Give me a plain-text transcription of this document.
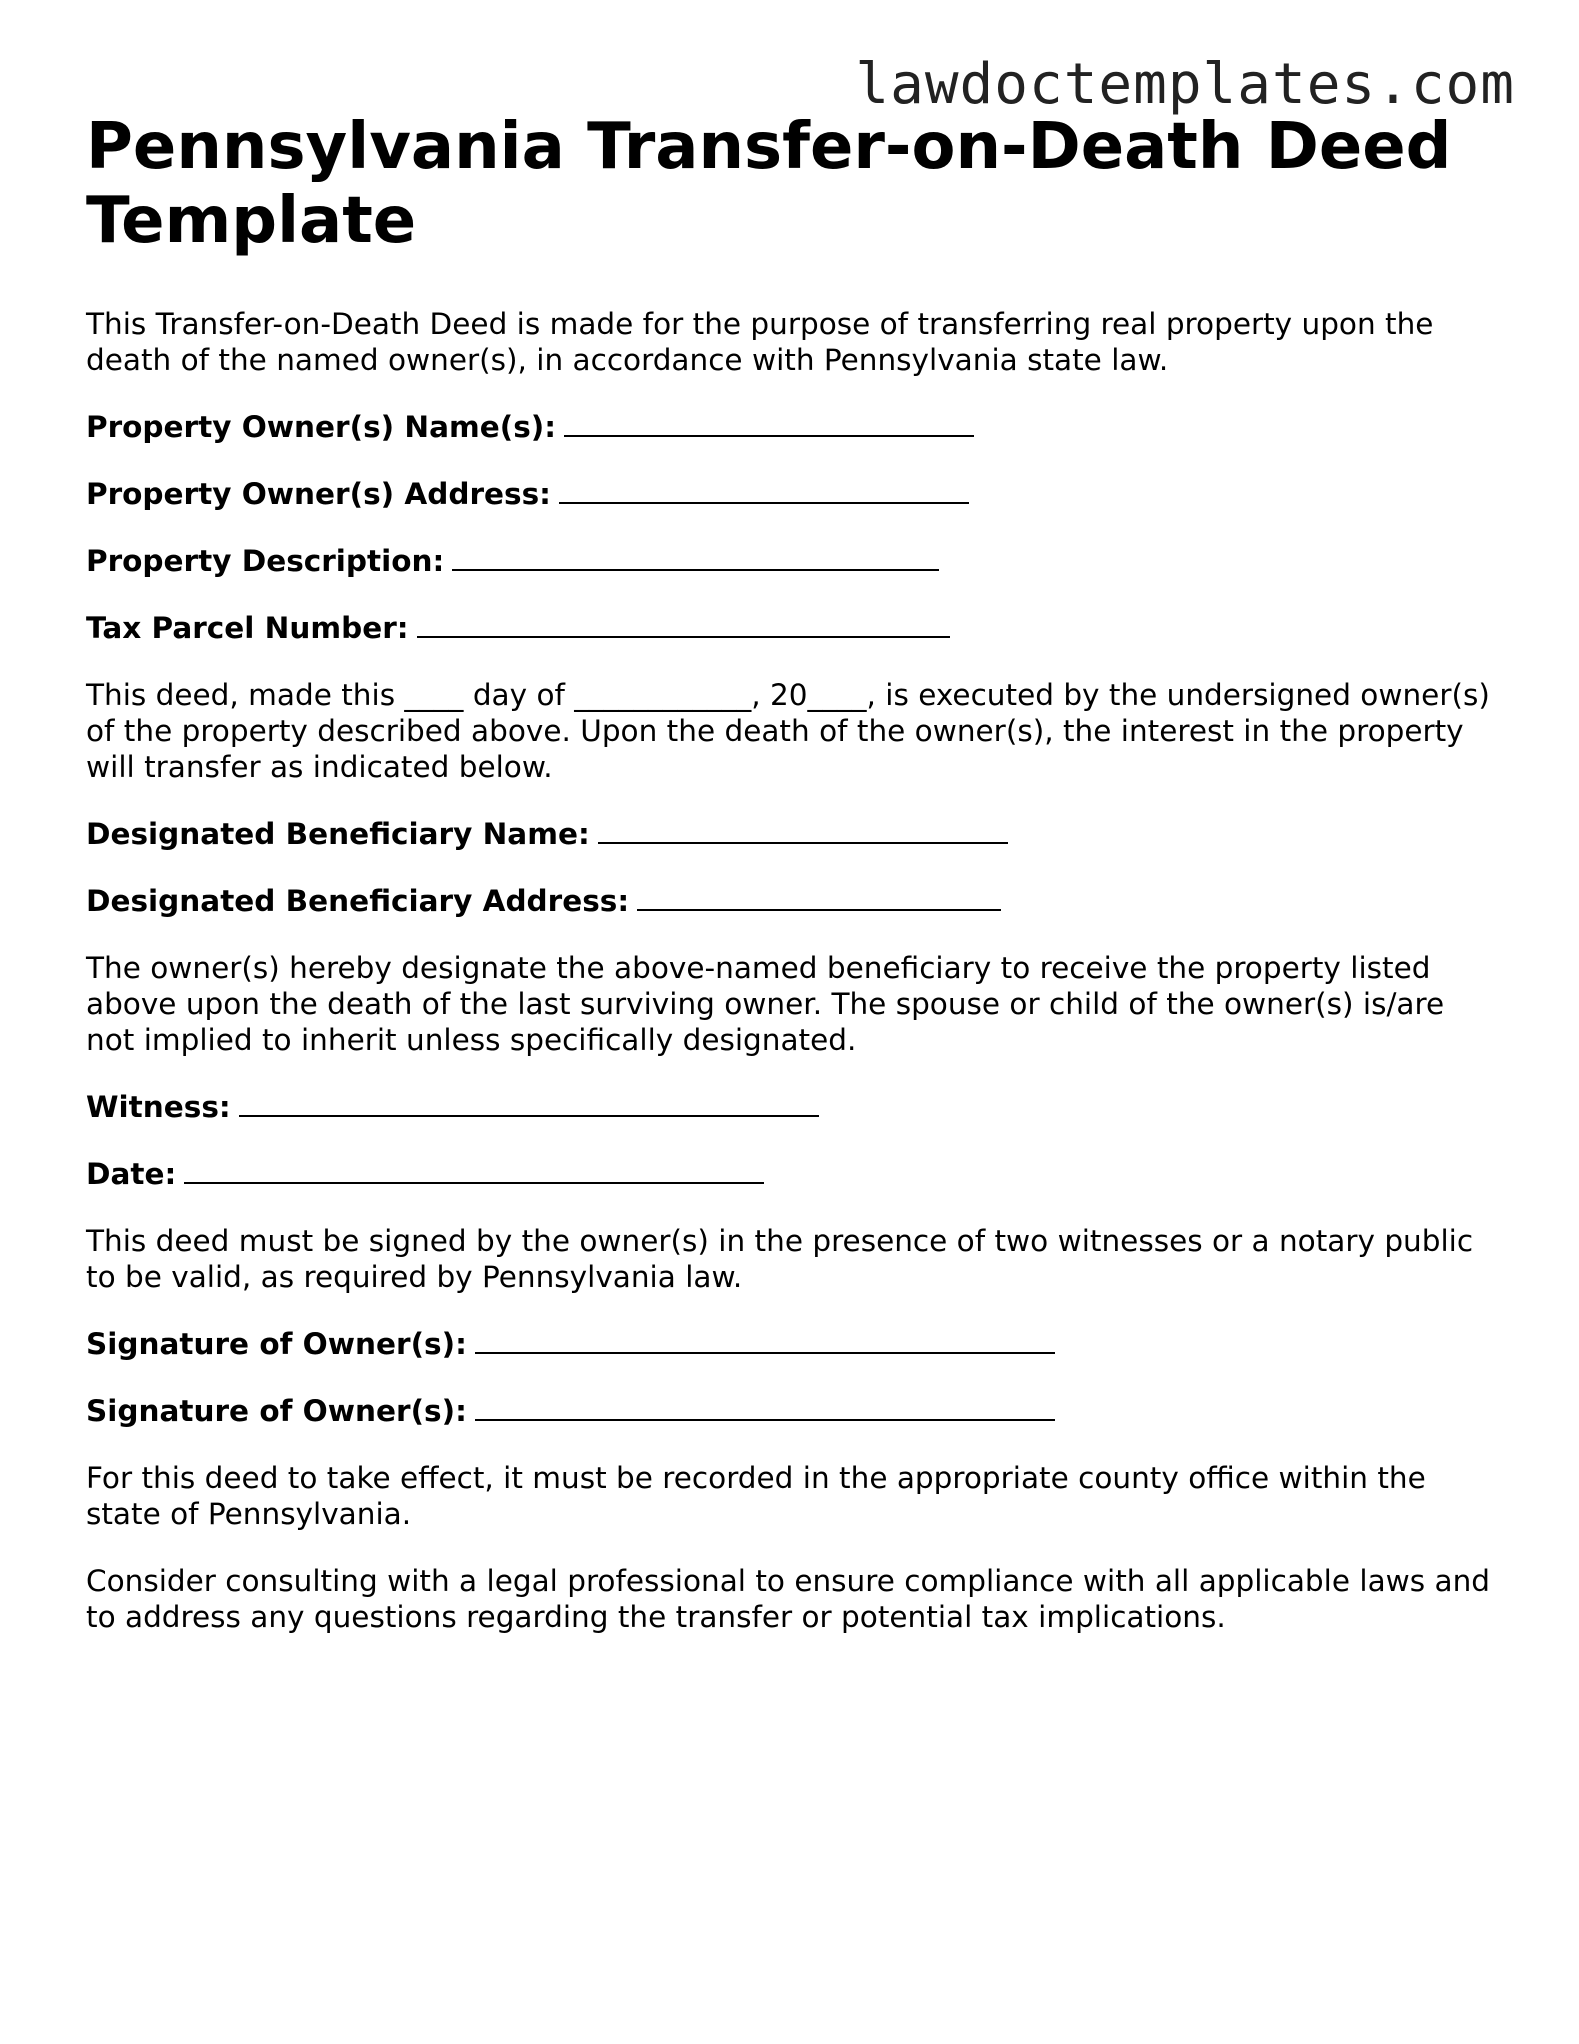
lawdoctemplates.com
Pennsylvania Transfer-on-Death Deed Template

This Transfer-on-Death Deed is made for the purpose of transferring real property upon the death of the named owner(s), in accordance with Pennsylvania state law.

Property Owner(s) Name(s):
Property Owner(s) Address:
Property Description:
Tax Parcel Number:

This deed, made this ____ day of ____________, 20____, is executed by the undersigned owner(s) of the property described above. Upon the death of the owner(s), the interest in the property will transfer as indicated below.

Designated Beneficiary Name:
Designated Beneficiary Address:

The owner(s) hereby designate the above-named beneficiary to receive the property listed above upon the death of the last surviving owner. The spouse or child of the owner(s) is/are not implied to inherit unless specifically designated.

Witness:
Date:

This deed must be signed by the owner(s) in the presence of two witnesses or a notary public to be valid, as required by Pennsylvania law.

Signature of Owner(s):
Signature of Owner(s):

For this deed to take effect, it must be recorded in the appropriate county office within the state of Pennsylvania.

Consider consulting with a legal professional to ensure compliance with all applicable laws and to address any questions regarding the transfer or potential tax implications.
